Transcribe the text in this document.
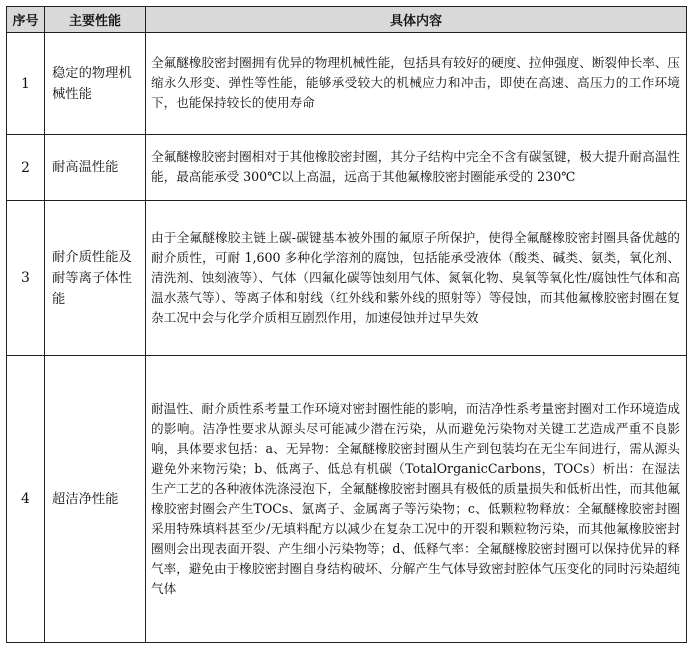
序号	主要性能	具体内容
1	稳定的物理机械性能	全氟醚橡胶密封圈拥有优异的物理机械性能，包括具有较好的硬度、拉伸强度、断裂伸长率、压缩永久形变、弹性等性能，能够承受较大的机械应力和冲击，即使在高速、高压力的工作环境下，也能保持较长的使用寿命
2	耐高温性能	全氟醚橡胶密封圈相对于其他橡胶密封圈，其分子结构中完全不含有碳氢键，极大提升耐高温性能，最高能承受 300℃以上高温，远高于其他氟橡胶密封圈能承受的 230℃
3	耐介质性能及耐等离子体性能	由于全氟醚橡胶主链上碳-碳键基本被外围的氟原子所保护，使得全氟醚橡胶密封圈具备优越的耐介质性，可耐 1,600 多种化学溶剂的腐蚀，包括能承受液体（酸类、碱类、氨类，氧化剂、清洗剂、蚀刻液等）、气体（四氟化碳等蚀刻用气体、氮氧化物、臭氧等氧化性/腐蚀性气体和高温水蒸气等）、等离子体和射线（红外线和紫外线的照射等）等侵蚀，而其他氟橡胶密封圈在复杂工况中会与化学介质相互剧烈作用，加速侵蚀并过早失效
4	超洁净性能	耐温性、耐介质性系考量工作环境对密封圈性能的影响，而洁净性系考量密封圈对工作环境造成的影响。洁净性要求从源头尽可能减少潜在污染，从而避免污染物对关键工艺造成严重不良影响，具体要求包括：a、无异物：全氟醚橡胶密封圈从生产到包装均在无尘车间进行，需从源头避免外来物污染；b、低离子、低总有机碳（TotalOrganicCarbons，TOCs）析出：在湿法生产工艺的各种液体洗涤浸泡下，全氟醚橡胶密封圈具有极低的质量损失和低析出性，而其他氟橡胶密封圈会产生TOCs、氯离子、金属离子等污染物；c、低颗粒物释放：全氟醚橡胶密封圈采用特殊填料甚至少/无填料配方以减少在复杂工况中的开裂和颗粒物污染，而其他氟橡胶密封圈则会出现表面开裂、产生细小污染物等；d、低释气率：全氟醚橡胶密封圈可以保持优异的释气率，避免由于橡胶密封圈自身结构破坏、分解产生气体导致密封腔体气压变化的同时污染超纯气体
